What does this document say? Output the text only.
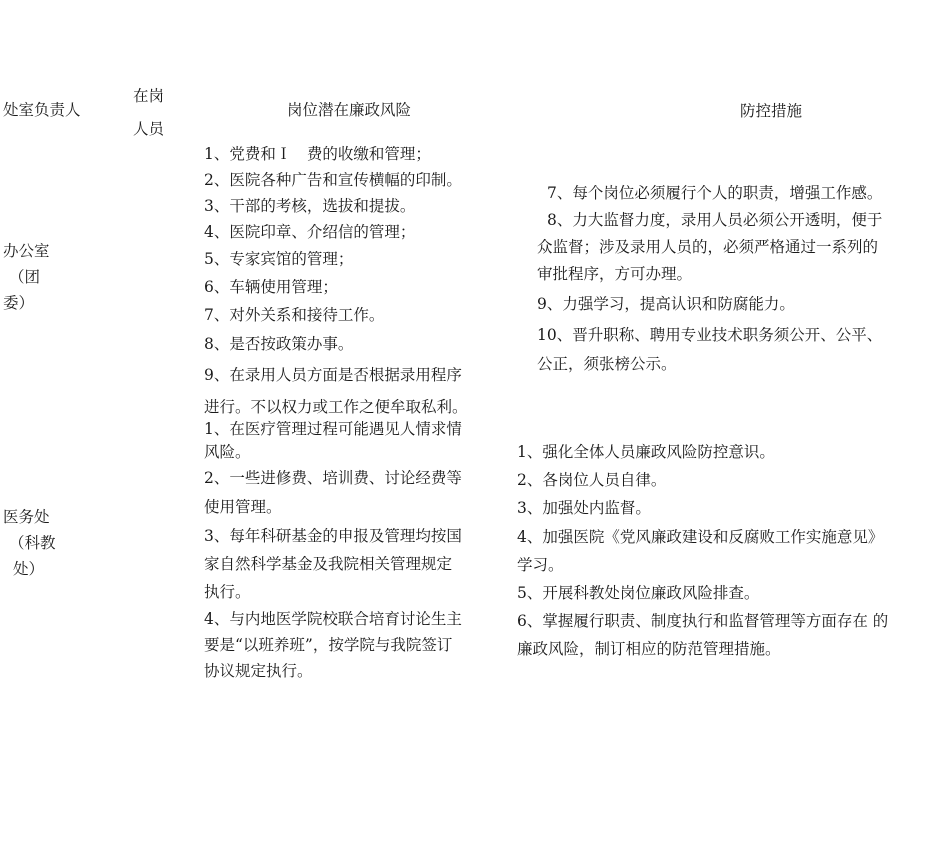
处室负责人
在岗
人员
岗位潜在廉政风险	防控措施
办公室
（团
委）
1、党费和Ｉ　费的收缴和管理；
2、医院各种广告和宣传横幅的印制。
3、干部的考核，选拔和提拔。
4、医院印章、介绍信的管理；
5、专家宾馆的管理；
6、车辆使用管理；
7、对外关系和接待工作。
8、是否按政策办事。
9、在录用人员方面是否根据录用程序
进行。不以权力或工作之便牟取私利。
7、每个岗位必须履行个人的职责，增强工作感。
8、力大监督力度，录用人员必须公开透明，便于
众监督；涉及录用人员的，必须严格通过一系列的
审批程序，方可办理。
9、力强学习，提高认识和防腐能力。
10、晋升职称、聘用专业技术职务须公开、公平、
公正，须张榜公示。
医务处
（科教
处）
1、在医疗管理过程可能遇见人情求情
风险。
2、一些进修费、培训费、讨论经费等
使用管理。
3、每年科研基金的申报及管理均按国
家自然科学基金及我院相关管理规定
执行。
4、与内地医学院校联合培育讨论生主
要是“以班养班”，按学院与我院签订
协议规定执行。
1、强化全体人员廉政风险防控意识。
2、各岗位人员自律。
3、加强处内监督。
4、加强医院《党风廉政建设和反腐败工作实施意见》
学习。
5、开展科教处岗位廉政风险排查。
6、掌握履行职责、制度执行和监督管理等方面存在 的
廉政风险，制订相应的防范管理措施。
